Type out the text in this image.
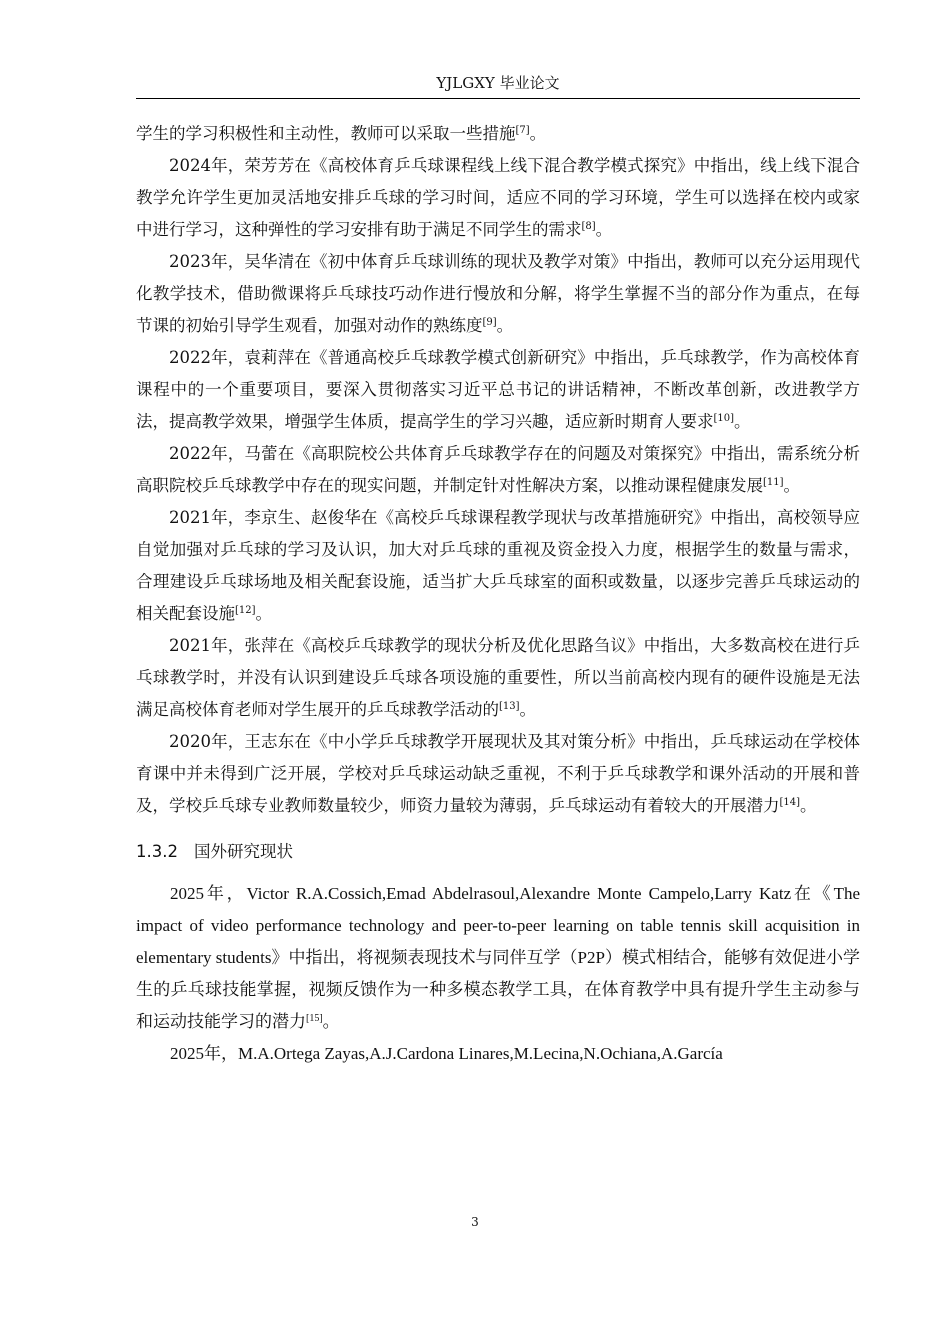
YJLGXY 毕业论文

学生的学习积极性和主动性，教师可以采取一些措施[7]。

2024年，荣芳芳在《高校体育乒乓球课程线上线下混合教学模式探究》中指出，线上线下混合教学允许学生更加灵活地安排乒乓球的学习时间，适应不同的学习环境，学生可以选择在校内或家中进行学习，这种弹性的学习安排有助于满足不同学生的需求[8]。

2023年，吴华清在《初中体育乒乓球训练的现状及教学对策》中指出，教师可以充分运用现代化教学技术，借助微课将乒乓球技巧动作进行慢放和分解，将学生掌握不当的部分作为重点，在每节课的初始引导学生观看，加强对动作的熟练度[9]。

2022年，袁莉萍在《普通高校乒乓球教学模式创新研究》中指出，乒乓球教学，作为高校体育课程中的一个重要项目，要深入贯彻落实习近平总书记的讲话精神，不断改革创新，改进教学方法，提高教学效果，增强学生体质，提高学生的学习兴趣，适应新时期育人要求[10]。

2022年，马蕾在《高职院校公共体育乒乓球教学存在的问题及对策探究》中指出，需系统分析高职院校乒乓球教学中存在的现实问题，并制定针对性解决方案，以推动课程健康发展[11]。

2021年，李京生、赵俊华在《高校乒乓球课程教学现状与改革措施研究》中指出，高校领导应自觉加强对乒乓球的学习及认识，加大对乒乓球的重视及资金投入力度，根据学生的数量与需求，合理建设乒乓球场地及相关配套设施，适当扩大乒乓球室的面积或数量，以逐步完善乒乓球运动的相关配套设施[12]。

2021年，张萍在《高校乒乓球教学的现状分析及优化思路刍议》中指出，大多数高校在进行乒乓球教学时，并没有认识到建设乒乓球各项设施的重要性，所以当前高校内现有的硬件设施是无法满足高校体育老师对学生展开的乒乓球教学活动的[13]。

2020年，王志东在《中小学乒乓球教学开展现状及其对策分析》中指出，乒乓球运动在学校体育课中并未得到广泛开展，学校对乒乓球运动缺乏重视，不利于乒乓球教学和课外活动的开展和普及，学校乒乓球专业教师数量较少，师资力量较为薄弱，乒乓球运动有着较大的开展潜力[14]。

1.3.2 国外研究现状

2025年，Victor R.A.Cossich,Emad Abdelrasoul,Alexandre Monte Campelo,Larry Katz在《The impact of video performance technology and peer-to-peer learning on table tennis skill acquisition in elementary students》中指出，将视频表现技术与同伴互学（P2P）模式相结合，能够有效促进小学生的乒乓球技能掌握，视频反馈作为一种多模态教学工具，在体育教学中具有提升学生主动参与和运动技能学习的潜力[15]。

2025年，M.A.Ortega Zayas,A.J.Cardona Linares,M.Lecina,N.Ochiana,A.García

3
